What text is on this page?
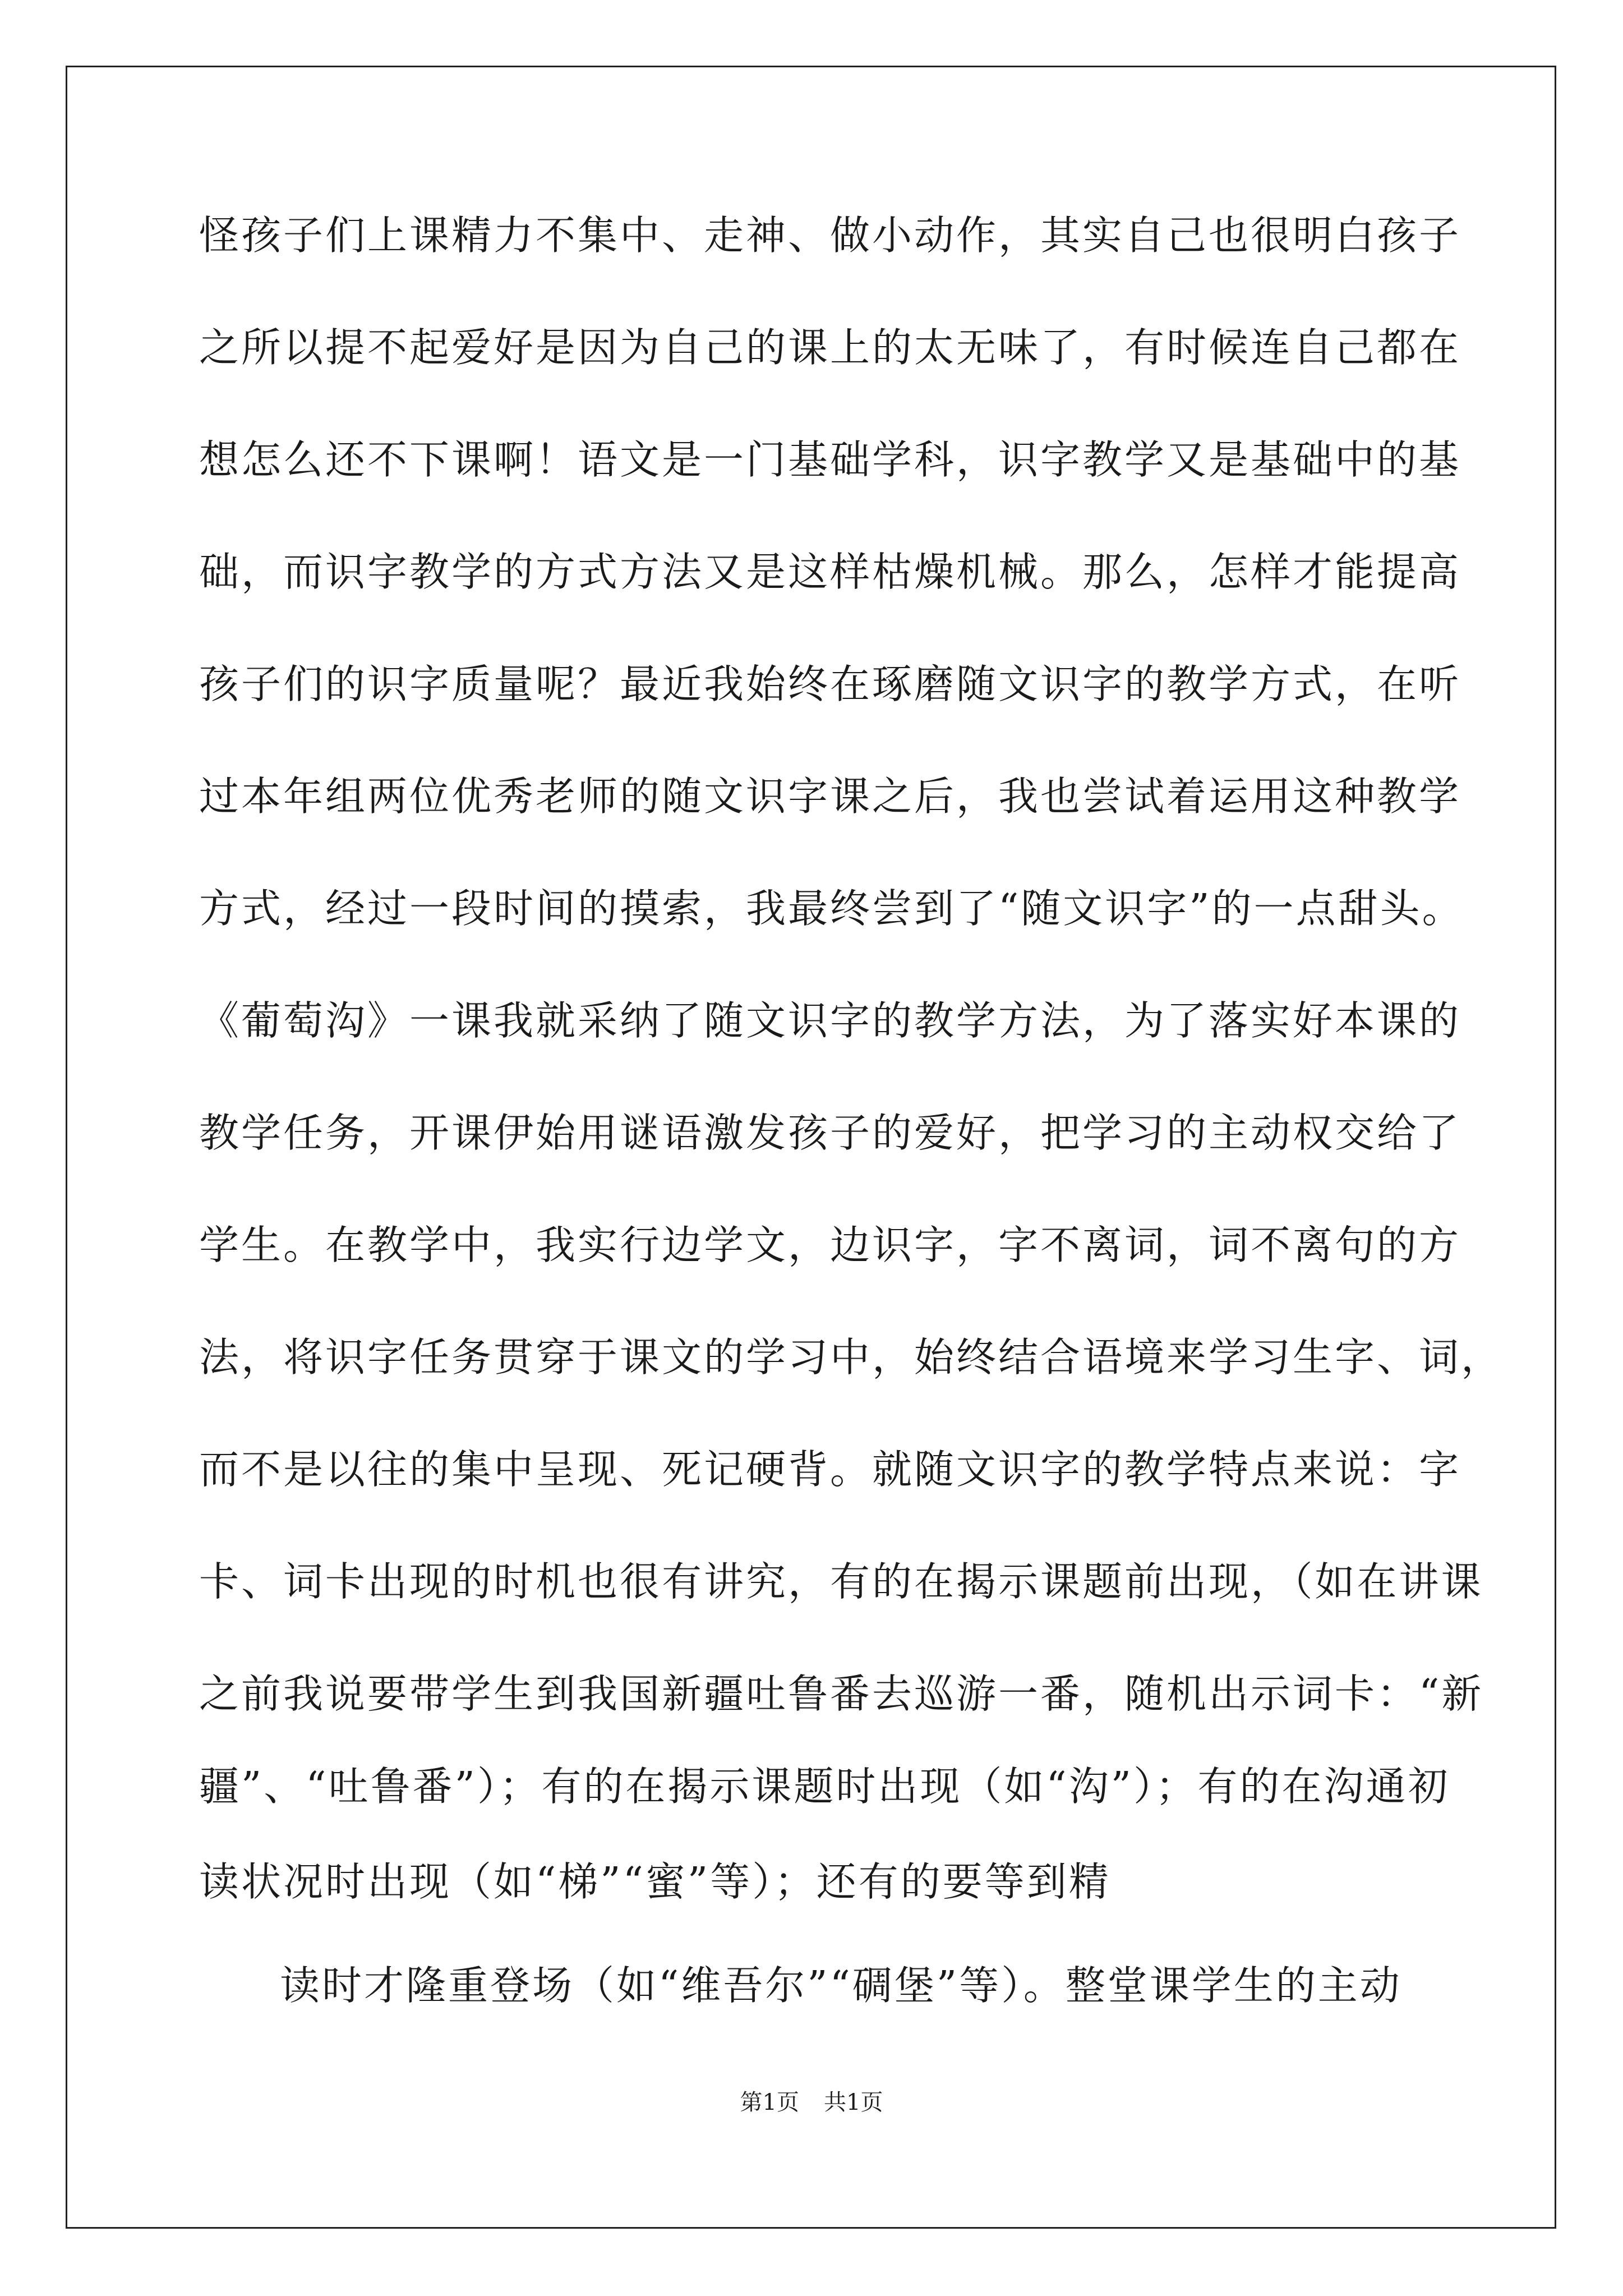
怪孩子们上课精力不集中、走神、做小动作，其实自己也很明白孩子
之所以提不起爱好是因为自己的课上的太无味了，有时候连自己都在
想怎么还不下课啊！语文是一门基础学科，识字教学又是基础中的基
础，而识字教学的方式方法又是这样枯燥机械。那么，怎样才能提高
孩子们的识字质量呢？最近我始终在琢磨随文识字的教学方式，在听
过本年组两位优秀老师的随文识字课之后，我也尝试着运用这种教学
方式，经过一段时间的摸索，我最终尝到了“随文识字”的一点甜头。
《葡萄沟》一课我就采纳了随文识字的教学方法，为了落实好本课的
教学任务，开课伊始用谜语激发孩子的爱好，把学习的主动权交给了
学生。在教学中，我实行边学文，边识字，字不离词，词不离句的方
法，将识字任务贯穿于课文的学习中，始终结合语境来学习生字、词，
而不是以往的集中呈现、死记硬背。就随文识字的教学特点来说：字
卡、词卡出现的时机也很有讲究，有的在揭示课题前出现，（如在讲课
之前我说要带学生到我国新疆吐鲁番去巡游一番，随机出示词卡：“新
疆”、“吐鲁番”）；有的在揭示课题时出现（如“沟”）；有的在沟通初
读状况时出现（如“梯”“蜜”等）；还有的要等到精
读时才隆重登场（如“维吾尔”“碉堡”等）。整堂课学生的主动
第1页 共1页
